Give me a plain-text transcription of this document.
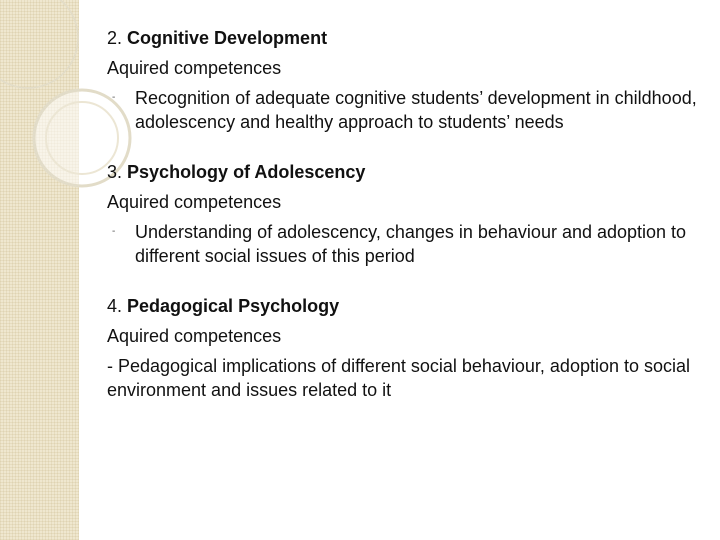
2. Cognitive Development

Aquired competences

-	Recognition of adequate cognitive students’ development in childhood, adolescency and healthy approach to students’ needs

3. Psychology of Adolescency

Aquired competences

-	Understanding of adolescency, changes in behaviour and adoption to different social issues of this period

4. Pedagogical Psychology

Aquired competences

- Pedagogical implications of different social behaviour, adoption to social environment and issues related to it
